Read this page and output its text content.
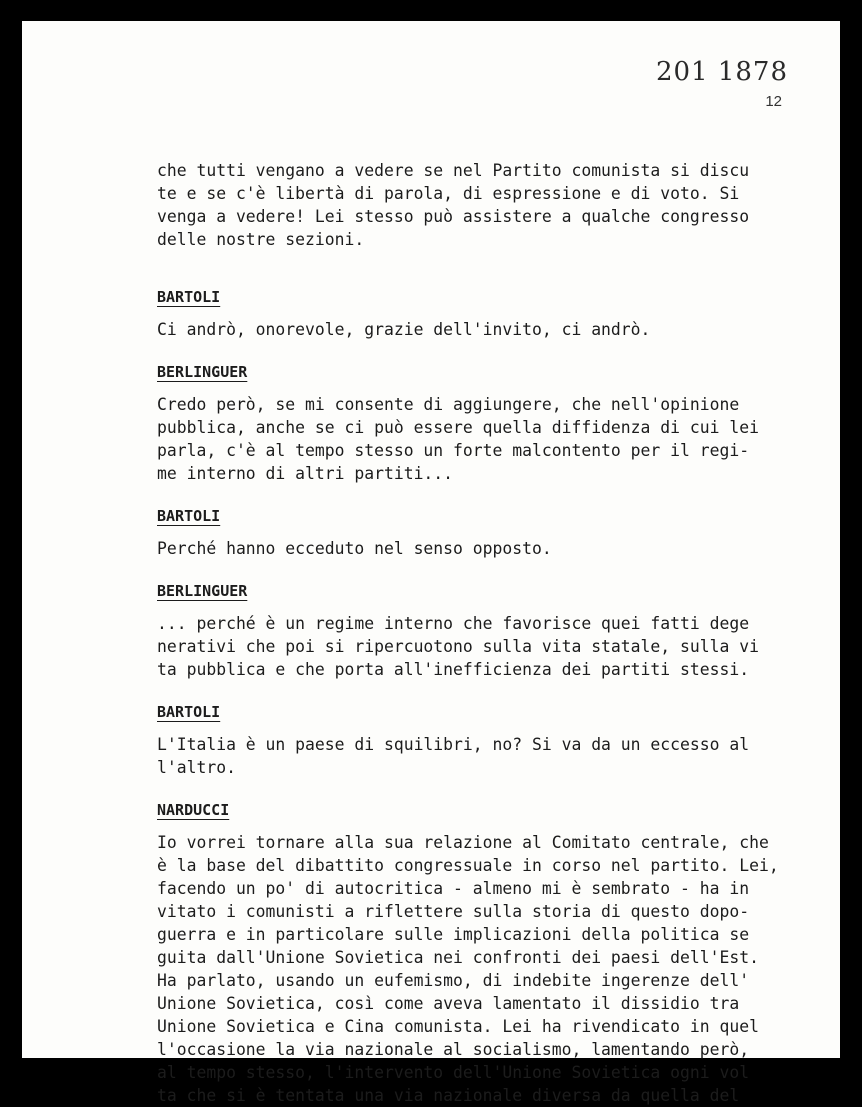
201 1878
12
che tutti vengano a vedere se nel Partito comunista si discu
te e se c'è libertà di parola, di espressione e di voto. Si
venga a vedere! Lei stesso può assistere a qualche congresso
delle nostre sezioni.
BARTOLI
Ci andrò, onorevole, grazie dell'invito, ci andrò.
BERLINGUER
Credo però, se mi consente di aggiungere, che nell'opinione
pubblica, anche se ci può essere quella diffidenza di cui lei
parla, c'è al tempo stesso un forte malcontento per il regi-
me interno di altri partiti...
BARTOLI
Perché hanno ecceduto nel senso opposto.
BERLINGUER
... perché è un regime interno che favorisce quei fatti dege
nerativi che poi si ripercuotono sulla vita statale, sulla vi
ta pubblica e che porta all'inefficienza dei partiti stessi.
BARTOLI
L'Italia è un paese di squilibri, no? Si va da un eccesso al
l'altro.
NARDUCCI
Io vorrei tornare alla sua relazione al Comitato centrale, che
è la base del dibattito congressuale in corso nel partito. Lei,
facendo un po' di autocritica - almeno mi è sembrato - ha in
vitato i comunisti a riflettere sulla storia di questo dopo-
guerra e in particolare sulle implicazioni della politica se
guita dall'Unione Sovietica nei confronti dei paesi dell'Est.
Ha parlato, usando un eufemismo, di indebite ingerenze dell'
Unione Sovietica, così come aveva lamentato il dissidio tra
Unione Sovietica e Cina comunista. Lei ha rivendicato in quel
l'occasione la via nazionale al socialismo, lamentando però,
al tempo stesso, l'intervento dell'Unione Sovietica ogni vol
ta che si è tentata una via nazionale diversa da quella del
